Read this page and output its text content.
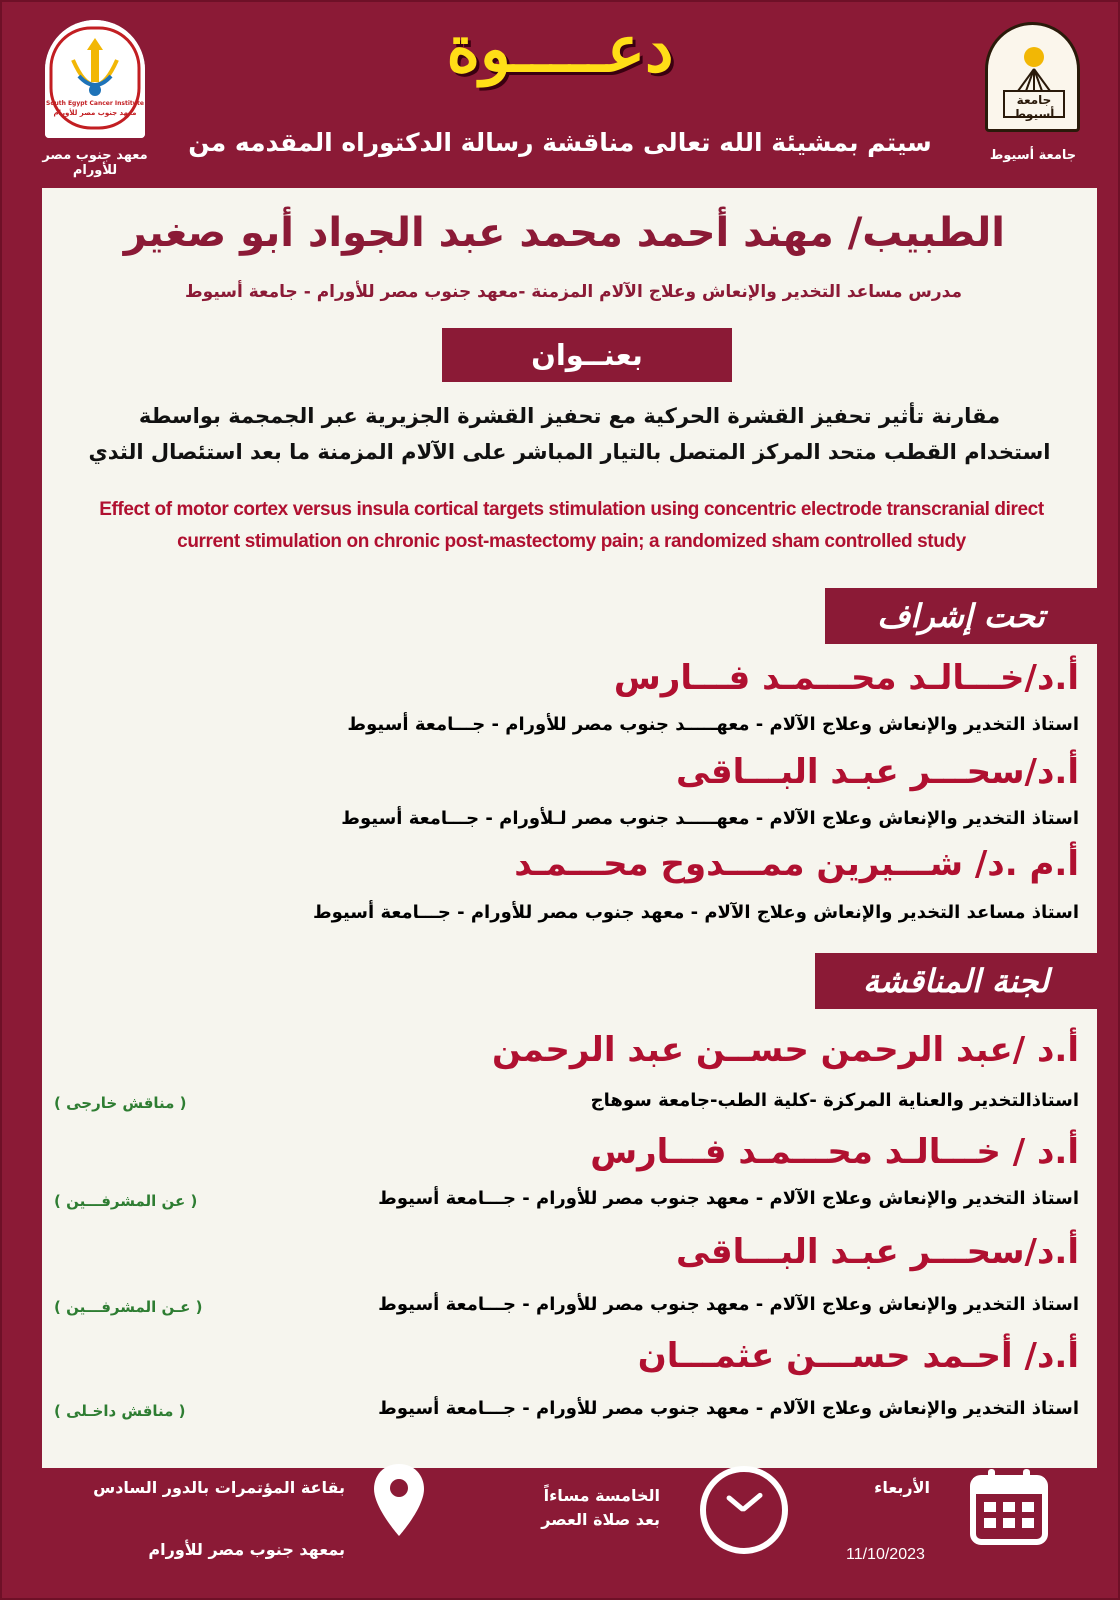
South Egypt Cancer Institute
معهد جنوب مصر للأورام
معهد جنوب مصر للأورام
جامعة أسيوط
جامعة أسيوط
دعـــــوة
سيتم بمشيئة الله تعالى مناقشة رسالة الدكتوراه المقدمه من
الطبيب/ مهند أحمد محمد عبد الجواد أبو صغير
مدرس مساعد التخدير والإنعاش وعلاج الآلام المزمنة -معهد جنوب مصر للأورام - جامعة أسيوط
بعنــوان
مقارنة تأثير تحفيز القشرة الحركية مع تحفيز القشرة الجزيرية عبر الجمجمة بواسطة
استخدام القطب متحد المركز المتصل بالتيار المباشر على الآلام المزمنة ما بعد استئصال الثدي
Effect of motor cortex versus insula cortical targets stimulation using concentric electrode transcranial direct
current stimulation on chronic post-mastectomy pain; a randomized sham controlled study
تحت إشراف
أ.د/خـــالـد محـــمـد فـــارس
استاذ التخدير والإنعاش وعلاج الآلام - معهـــــد جنوب مصر للأورام - جـــامعة أسيوط
أ.د/سحـــر عبـد البـــاقى
استاذ التخدير والإنعاش وعلاج الآلام - معهـــــد جنوب مصر لـلأورام - جـــامعة أسيوط
أ.م .د/ شـــيرين ممـــدوح محـــمـد
استاذ مساعد التخدير والإنعاش وعلاج الآلام - معهد جنوب مصر للأورام - جـــامعة أسيوط
لجنة المناقشة
أ.د /عبد الرحمن حســن عبد الرحمن
استاذالتخدير والعناية المركزة -كلية الطب-جامعة سوهاج
( مناقش خارجى )
أ.د / خـــالـد محـــمـد فـــارس
استاذ التخدير والإنعاش وعلاج الآلام - معهد جنوب مصر للأورام - جـــامعة أسيوط
( عن المشرفـــين )
أ.د/سحـــر عبـد البـــاقى
استاذ التخدير والإنعاش وعلاج الآلام - معهد جنوب مصر للأورام - جـــامعة أسيوط
( عـن المشرفـــين )
أ.د/ أحـمد حســـن عثمـــان
استاذ التخدير والإنعاش وعلاج الآلام - معهد جنوب مصر للأورام - جـــامعة أسيوط
( مناقش داخـلى )
بقاعة المؤتمرات بالدور السادس
بمعهد جنوب مصر للأورام
الخامسة مساءاً
بعد صلاة العصر
الأربعاء
11/10/2023
